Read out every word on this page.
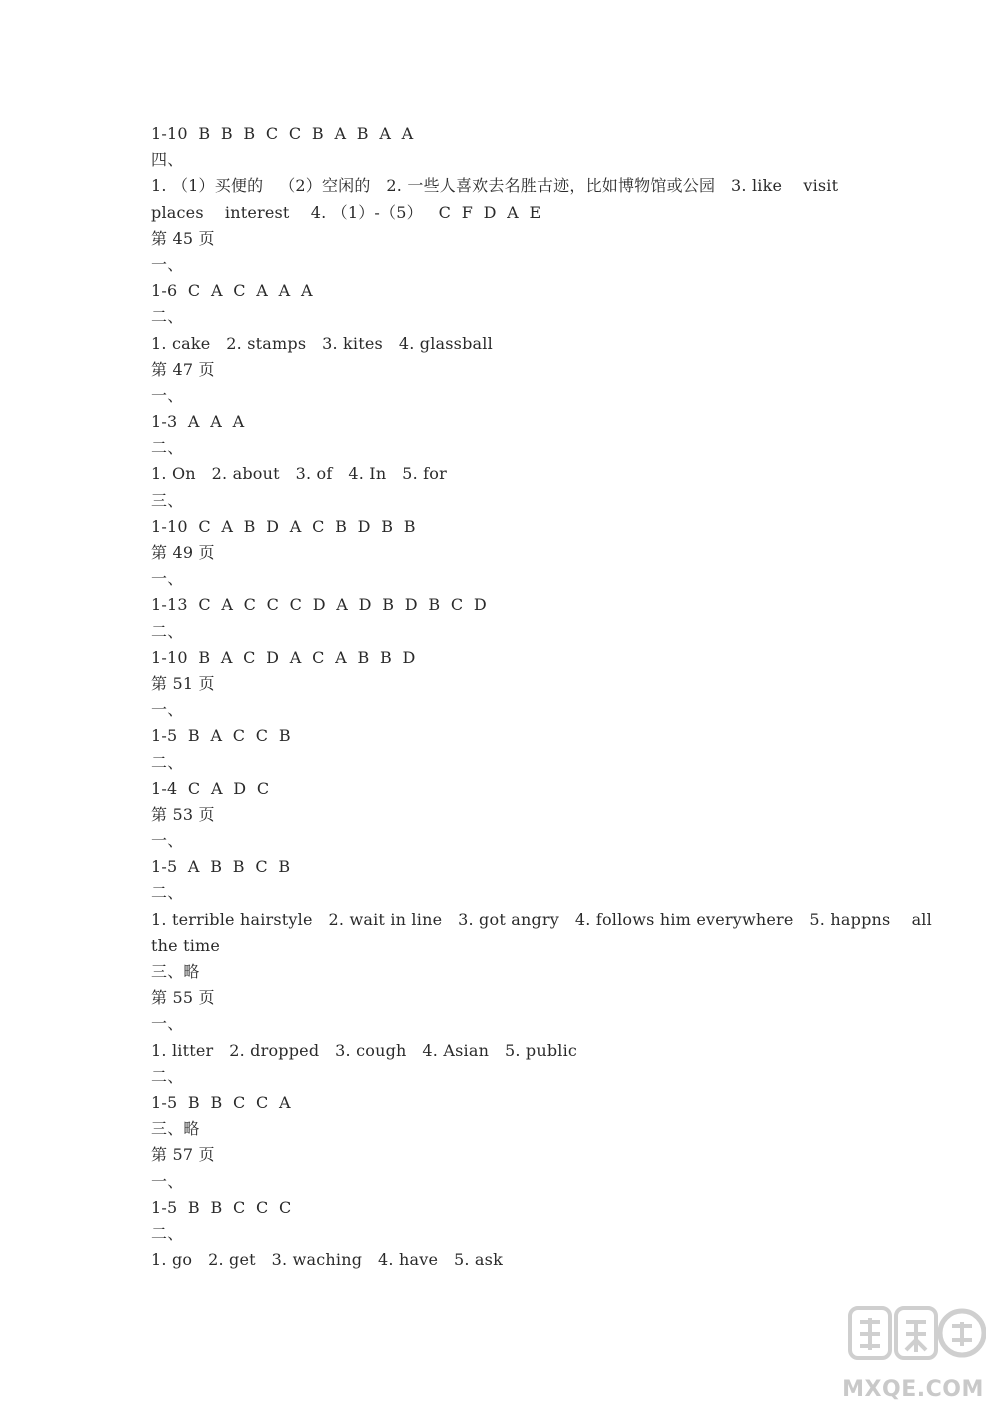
1-10  B  B  B  C  C  B  A  B  A  A
四、
1. （1）买便的   （2）空闲的   2. 一些人喜欢去名胜古迹，比如博物馆或公园   3. like    visit
places    interest    4. （1）-（5）   C  F  D  A  E
第 45 页
一、
1-6  C  A  C  A  A  A
二、
1. cake   2. stamps   3. kites   4. glassball
第 47 页
一、
1-3  A  A  A
二、
1. On   2. about   3. of   4. In   5. for
三、
1-10  C  A  B  D  A  C  B  D  B  B
第 49 页
一、
1-13  C  A  C  C  C  D  A  D  B  D  B  C  D
二、
1-10  B  A  C  D  A  C  A  B  B  D
第 51 页
一、
1-5  B  A  C  C  B
二、
1-4  C  A  D  C
第 53 页
一、
1-5  A  B  B  C  B
二、
1. terrible hairstyle   2. wait in line   3. got angry   4. follows him everywhere   5. happns    all
the time
三、略
第 55 页
一、
1. litter   2. dropped   3. cough   4. Asian   5. public
二、
1-5  B  B  C  C  A
三、略
第 57 页
一、
1-5  B  B  C  C  C
二、
1. go   2. get   3. waching   4. have   5. ask
MXQE.COM
